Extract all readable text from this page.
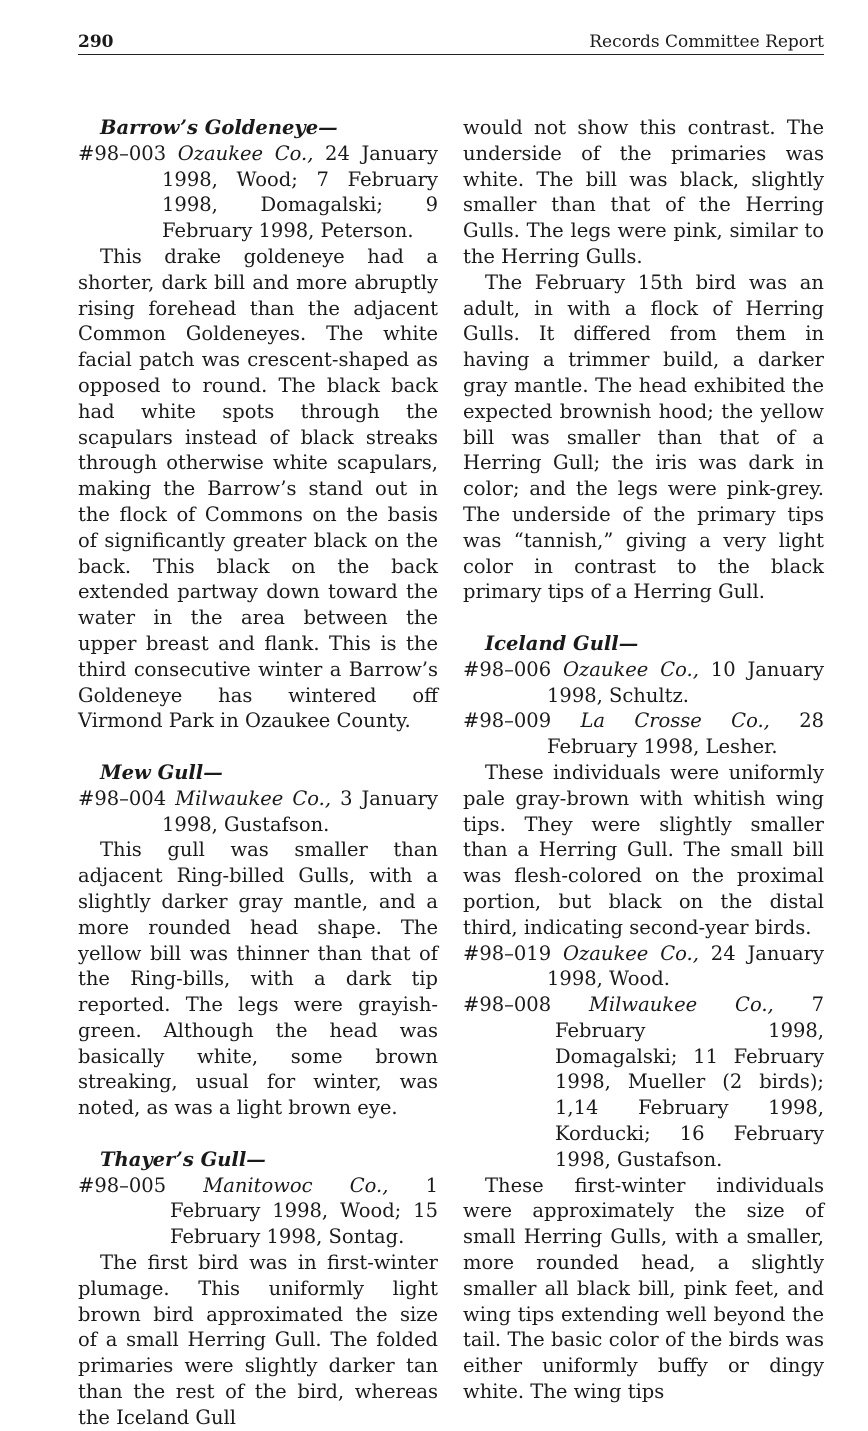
290	Records Committee Report

Barrow’s Goldeneye—

#98–003 Ozaukee Co., 24 January 1998, Wood; 7 February 1998, Domagalski; 9 February 1998, Peterson.

This drake goldeneye had a shorter, dark bill and more abruptly rising forehead than the adjacent Common Goldeneyes. The white facial patch was crescent-shaped as opposed to round. The black back had white spots through the scapulars instead of black streaks through otherwise white scapulars, making the Barrow’s stand out in the flock of Commons on the basis of significantly greater black on the back. This black on the back extended partway down toward the water in the area between the upper breast and flank. This is the third consecutive winter a Barrow’s Goldeneye has wintered off Virmond Park in Ozaukee County.

Mew Gull—

#98–004 Milwaukee Co., 3 January 1998, Gustafson.

This gull was smaller than adjacent Ring-billed Gulls, with a slightly darker gray mantle, and a more rounded head shape. The yellow bill was thinner than that of the Ring-bills, with a dark tip reported. The legs were grayish-green. Although the head was basically white, some brown streaking, usual for winter, was noted, as was a light brown eye.

Thayer’s Gull—

#98–005 Manitowoc Co., 1 February 1998, Wood; 15 February 1998, Sontag.

The first bird was in first-winter plumage. This uniformly light brown bird approximated the size of a small Herring Gull. The folded primaries were slightly darker tan than the rest of the bird, whereas the Iceland Gull

would not show this contrast. The underside of the primaries was white. The bill was black, slightly smaller than that of the Herring Gulls. The legs were pink, similar to the Herring Gulls.

The February 15th bird was an adult, in with a flock of Herring Gulls. It differed from them in having a trimmer build, a darker gray mantle. The head exhibited the expected brownish hood; the yellow bill was smaller than that of a Herring Gull; the iris was dark in color; and the legs were pink-grey. The underside of the primary tips was “tannish,” giving a very light color in contrast to the black primary tips of a Herring Gull.

Iceland Gull—

#98–006 Ozaukee Co., 10 January 1998, Schultz.

#98–009 La Crosse Co., 28 February 1998, Lesher.

These individuals were uniformly pale gray-brown with whitish wing tips. They were slightly smaller than a Herring Gull. The small bill was flesh-colored on the proximal portion, but black on the distal third, indicating second-year birds.

#98–019 Ozaukee Co., 24 January 1998, Wood.

#98–008 Milwaukee Co., 7 February 1998, Domagalski; 11 February 1998, Mueller (2 birds); 1,14 February 1998, Korducki; 16 February 1998, Gustafson.

These first-winter individuals were approximately the size of small Herring Gulls, with a smaller, more rounded head, a slightly smaller all black bill, pink feet, and wing tips extending well beyond the tail. The basic color of the birds was either uniformly buffy or dingy white. The wing tips
